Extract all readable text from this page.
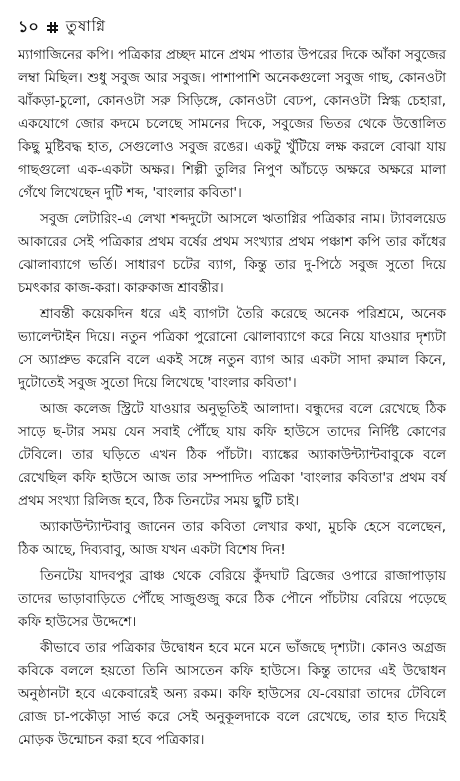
১০ তুষাগ্নি

ম্যাগাজিনের কপি। পত্রিকার প্রচ্ছদ মানে প্রথম পাতার উপরের দিকে আঁকা সবুজের লম্বা মিছিল। শুধু সবুজ আর সবুজ। পাশাপাশি অনেকগুলো সবুজ গাছ, কোনওটা ঝাঁকড়া-চুলো, কোনওটা সরু সিড়িঙ্গে, কোনওটা বেঢপ, কোনওটা স্নিগ্ধ চেহারা, একযোগে জোর কদমে চলেছে সামনের দিকে, সবুজের ভিতর থেকে উত্তোলিত কিছু মুষ্টিবদ্ধ হাত, সেগুলোও সবুজ রঙের। একটু খুঁটিয়ে লক্ষ করলে বোঝা যায় গাছগুলো এক-একটা অক্ষর। শিল্পী তুলির নিপুণ আঁচড়ে অক্ষরে অক্ষরে মালা গেঁথে লিখেছেন দুটি শব্দ, 'বাংলার কবিতা'।

সবুজ লেটারিং-এ লেখা শব্দদুটো আসলে ঋতাগ্নির পত্রিকার নাম। ট্যাবলয়েড আকারের সেই পত্রিকার প্রথম বর্ষের প্রথম সংখ্যার প্রথম পঞ্চাশ কপি তার কাঁধের ঝোলাব্যাগে ভর্তি। সাধারণ চটের ব্যাগ, কিন্তু তার দু-পিঠে সবুজ সুতো দিয়ে চমৎকার কাজ-করা। কারুকাজ শ্রাবন্তীর।

শ্রাবন্তী কয়েকদিন ধরে এই ব্যাগটা তৈরি করেছে অনেক পরিশ্রমে, অনেক ভ্যালেন্টাইন দিয়ে। নতুন পত্রিকা পুরোনো ঝোলাব্যাগে করে নিয়ে যাওয়ার দৃশ্যটা সে অ্যাপ্রুভ করেনি বলে একই সঙ্গে নতুন ব্যাগ আর একটা সাদা রুমাল কিনে, দুটোতেই সবুজ সুতো দিয়ে লিখেছে 'বাংলার কবিতা'।

আজ কলেজ স্ট্রিটে যাওয়ার অনুভূতিই আলাদা। বন্ধুদের বলে রেখেছে ঠিক সাড়ে ছ-টার সময় যেন সবাই পৌঁছে যায় কফি হাউসে তাদের নির্দিষ্ট কোণের টেবিলে। তার ঘড়িতে এখন ঠিক পাঁচটা। ব্যাঙ্কের অ্যাকাউন্ট্যান্টবাবুকে বলে রেখেছিল কফি হাউসে আজ তার সম্পাদিত পত্রিকা 'বাংলার কবিতা'র প্রথম বর্ষ প্রথম সংখ্যা রিলিজ হবে, ঠিক তিনটের সময় ছুটি চাই।

অ্যাকাউন্ট্যান্টবাবু জানেন তার কবিতা লেখার কথা, মুচকি হেসে বলেছেন, ঠিক আছে, দিব্যবাবু, আজ যখন একটা বিশেষ দিন!

তিনটেয় যাদবপুর ব্রাঞ্চ থেকে বেরিয়ে কুঁদঘাট ব্রিজের ওপারে রাজাপাড়ায় তাদের ভাড়াবাড়িতে পৌঁছে সাজুগুজু করে ঠিক পৌনে পাঁচটায় বেরিয়ে পড়েছে কফি হাউসের উদ্দেশে।

কীভাবে তার পত্রিকার উদ্বোধন হবে মনে মনে ভাঁজছে দৃশ্যটা। কোনও অগ্রজ কবিকে বললে হয়তো তিনি আসতেন কফি হাউসে। কিন্তু তাদের এই উদ্বোধন অনুষ্ঠানটা হবে একেবারেই অন্য রকম। কফি হাউসের যে-বেয়ারা তাদের টেবিলে রোজ চা-পকৌড়া সার্ভ করে সেই অনুকূলদাকে বলে রেখেছে, তার হাত দিয়েই মোড়ক উন্মোচন করা হবে পত্রিকার।
